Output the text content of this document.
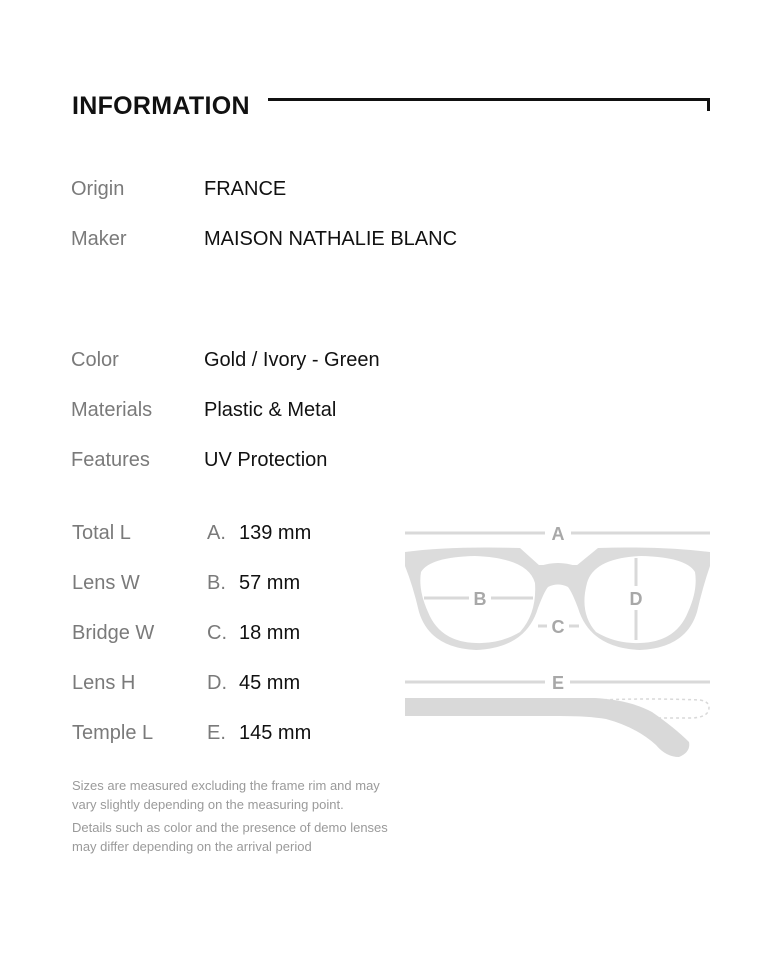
INFORMATION
Origin	FRANCE
Maker	MAISON NATHALIE BLANC
Color	Gold / Ivory - Green
Materials	Plastic & Metal
Features	UV Protection
Total L	A. 139 mm
Lens W	B. 57 mm
Bridge W	C. 18 mm
Lens H	D. 45 mm
Temple L	E. 145 mm
A
B
C
D
E
Sizes are measured excluding the frame rim and may vary slightly depending on the measuring point.
Details such as color and the presence of demo lenses may differ depending on the arrival period
